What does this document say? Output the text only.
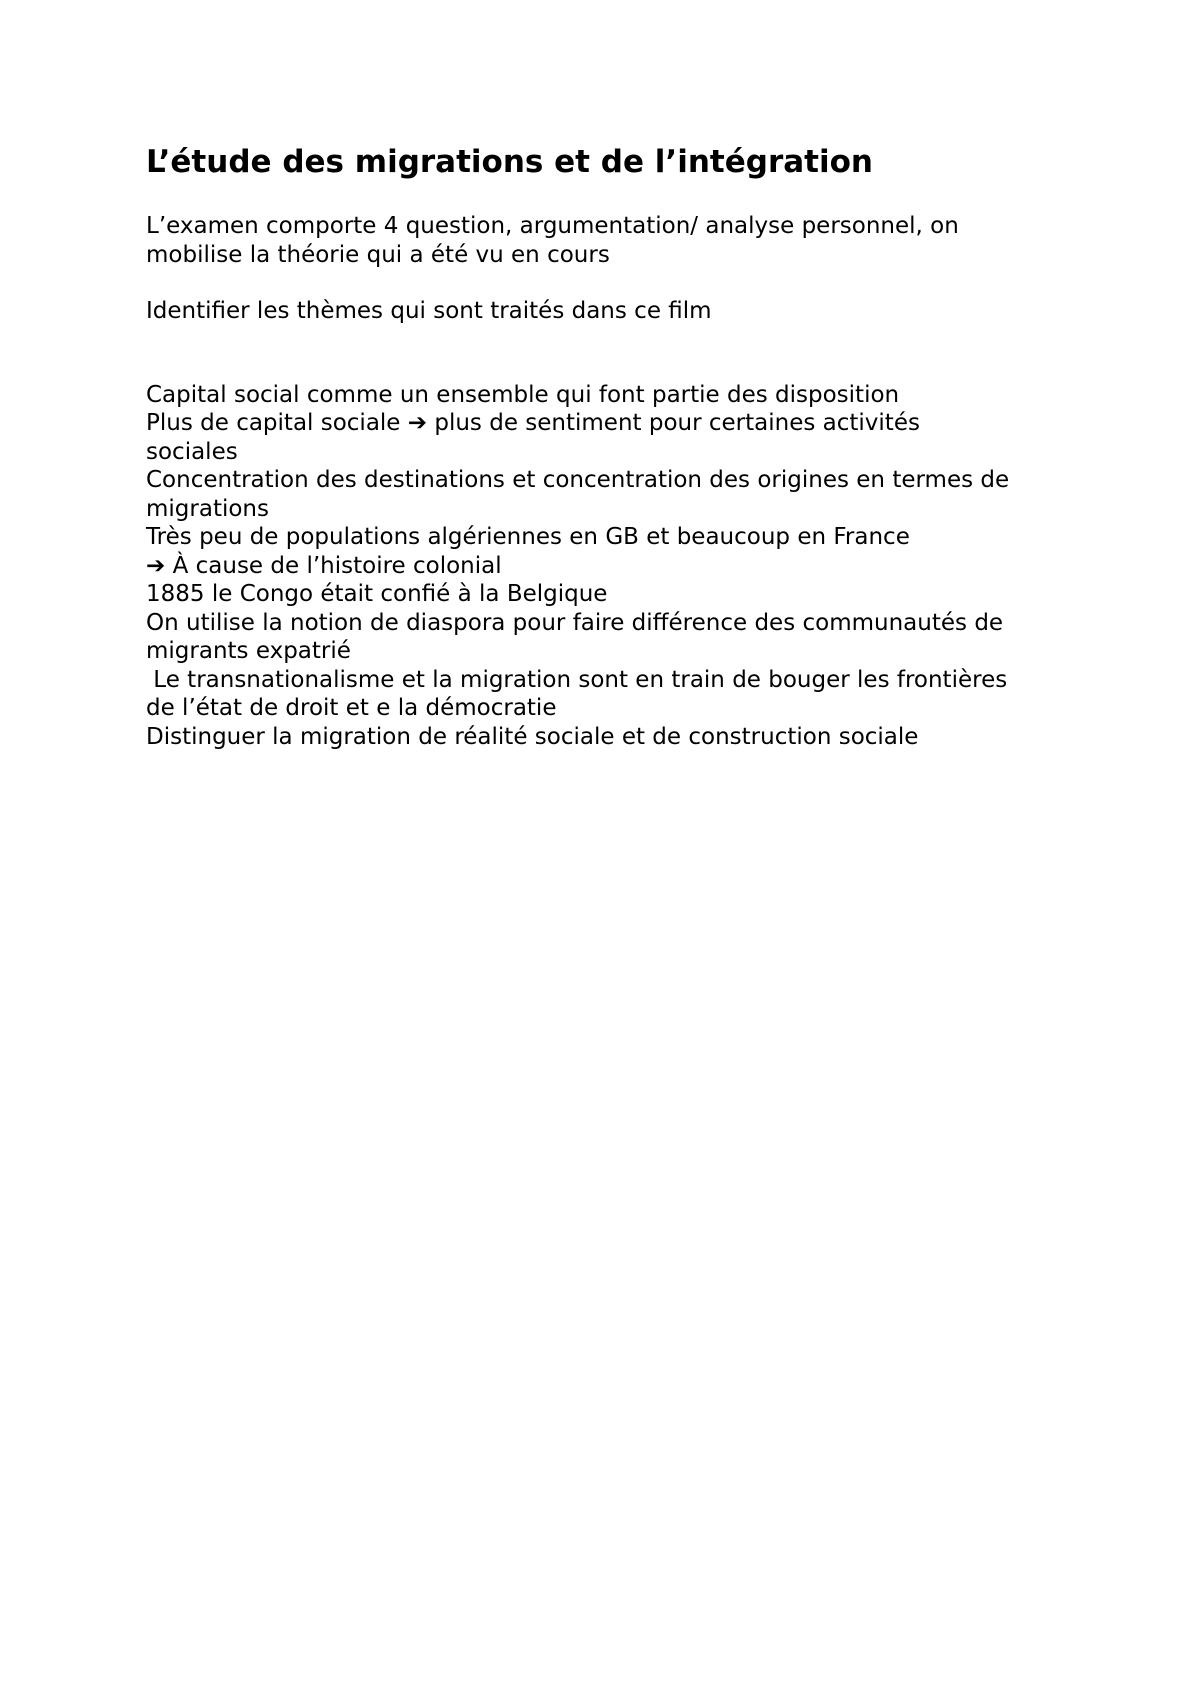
L’étude des migrations et de l’intégration

L’examen comporte 4 question, argumentation/ analyse personnel, on

mobilise la théorie qui a été vu en cours

Identifier les thèmes qui sont traités dans ce film

Capital social comme un ensemble qui font partie des disposition

Plus de capital sociale ➔ plus de sentiment pour certaines activités

sociales

Concentration des destinations et concentration des origines en termes de

migrations

Très peu de populations algériennes en GB et beaucoup en France

➔ À cause de l’histoire colonial

1885 le Congo était confié à la Belgique

On utilise la notion de diaspora pour faire différence des communautés de

migrants expatrié

Le transnationalisme et la migration sont en train de bouger les frontières

de l’état de droit et e la démocratie

Distinguer la migration de réalité sociale et de construction sociale
